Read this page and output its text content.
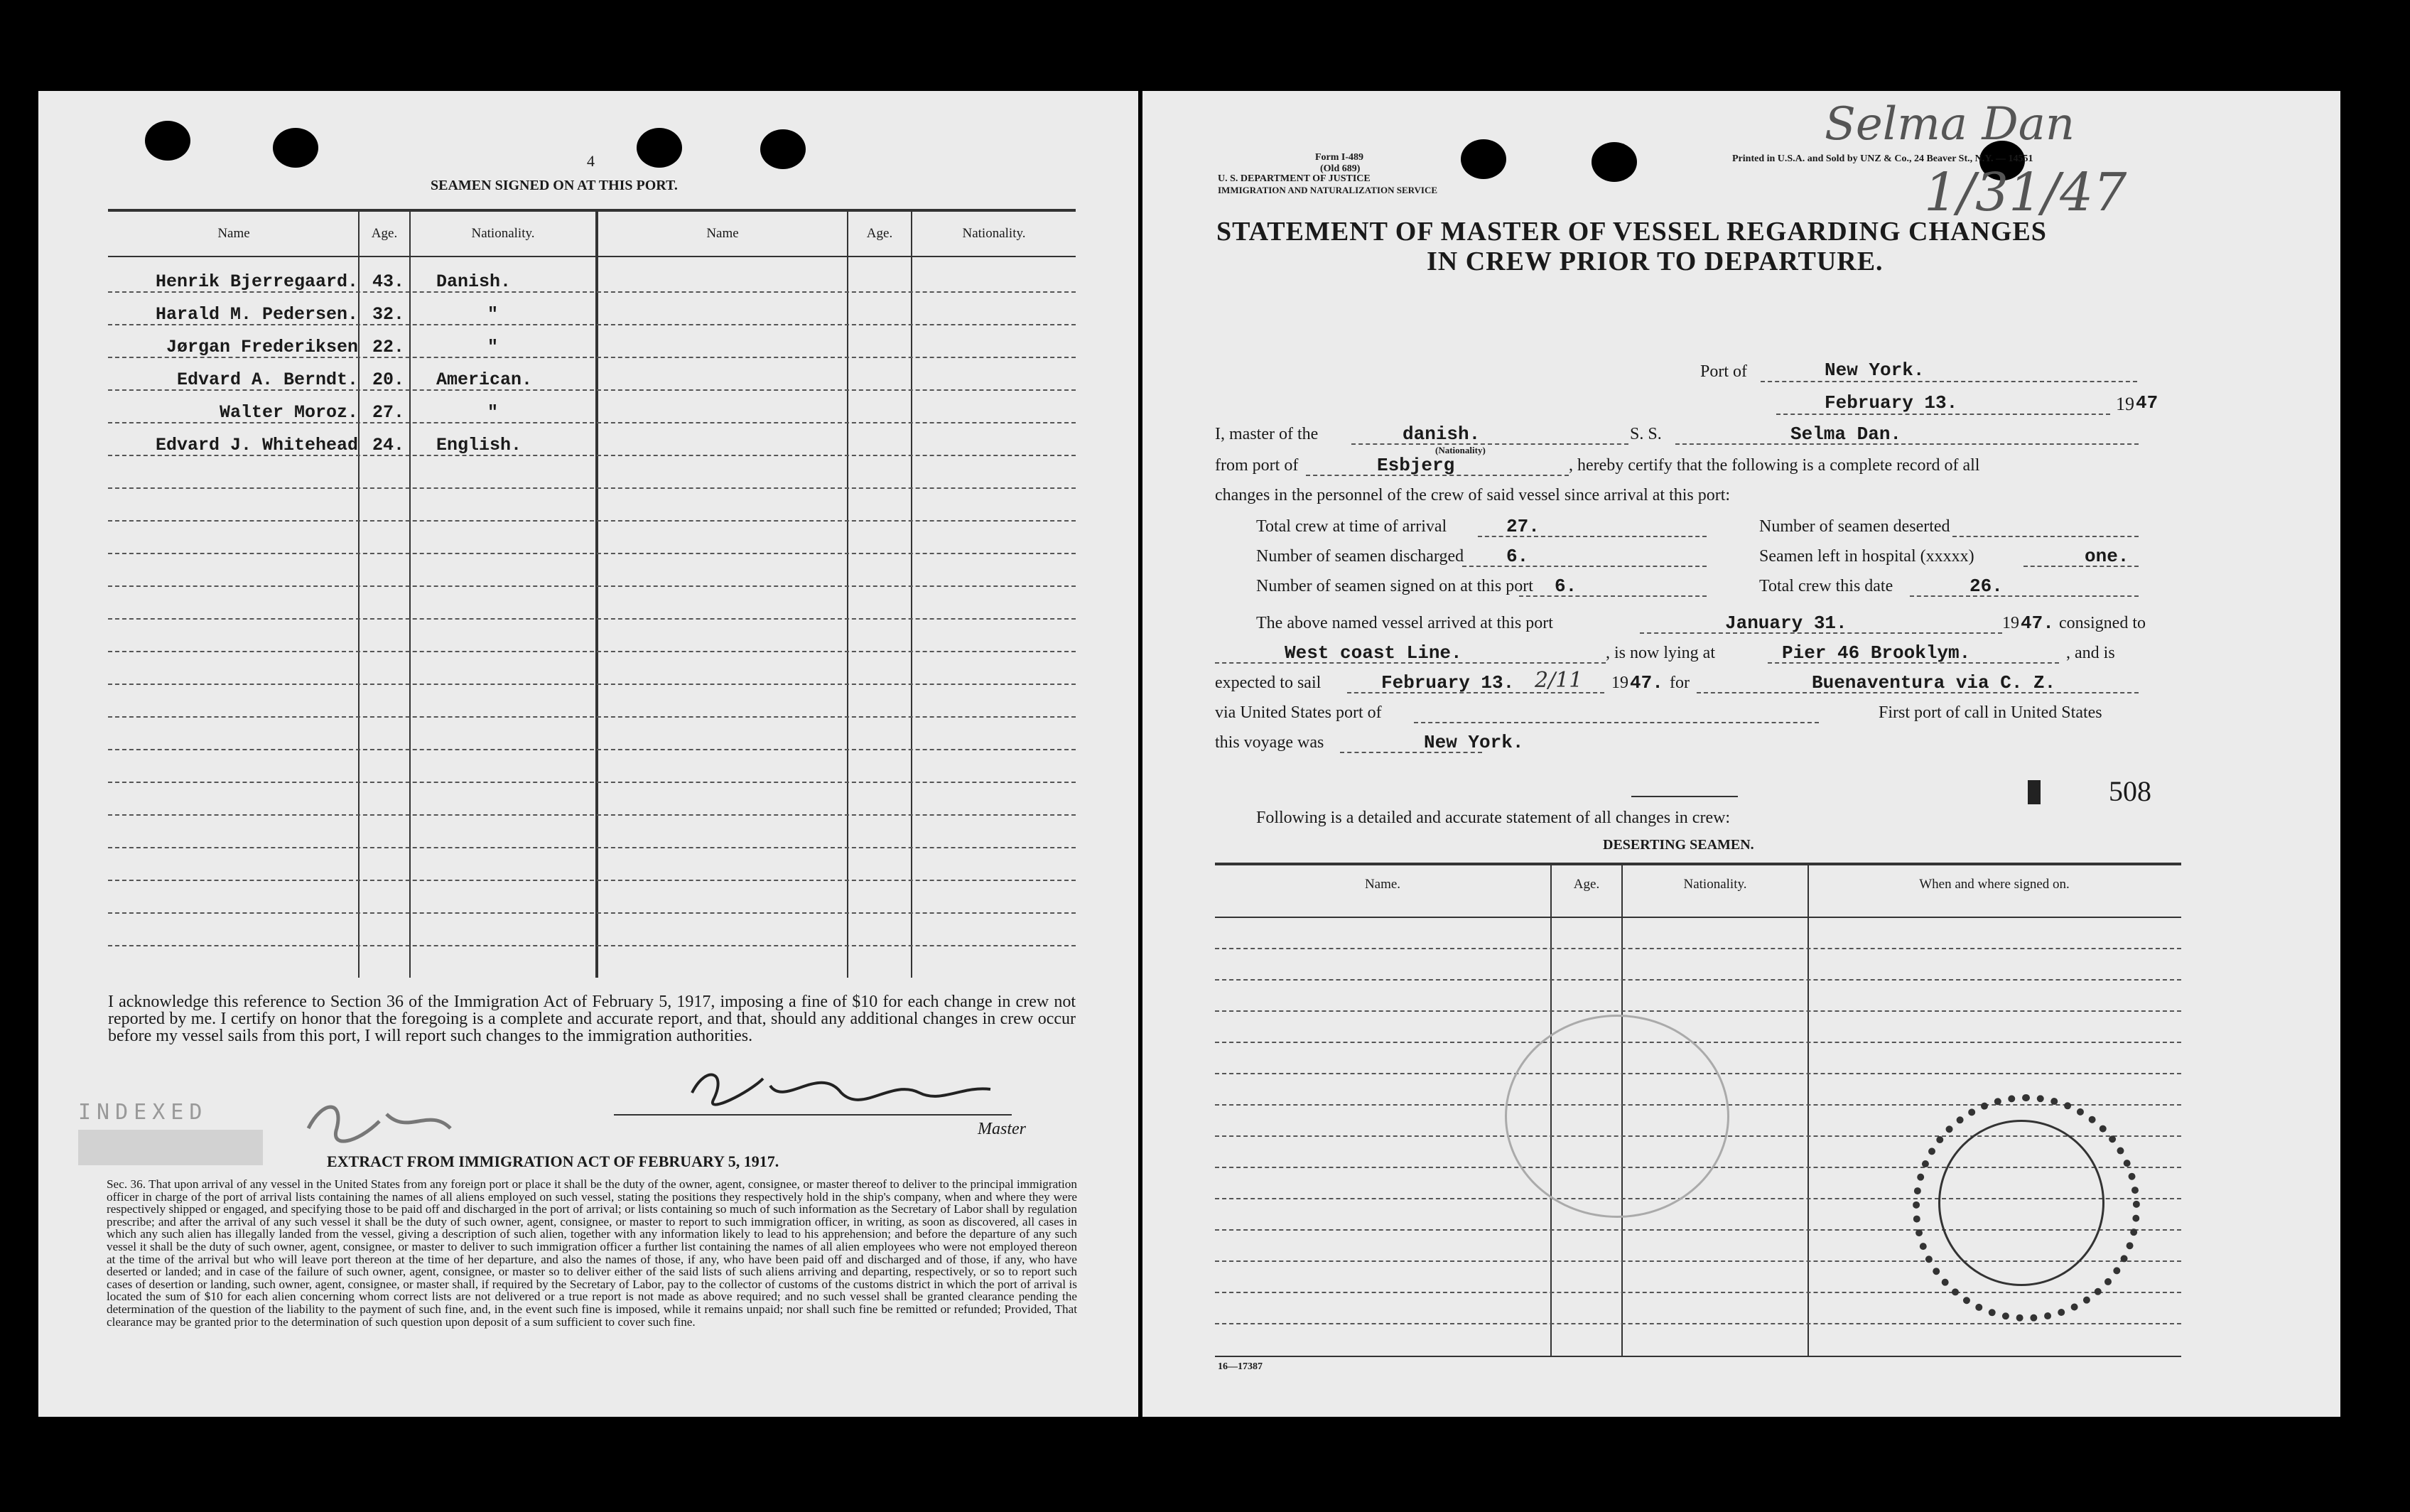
4
SEAMEN SIGNED ON AT THIS PORT.
Name	Age.	Nationality.	Name	Age.	Nationality.
Henrik Bjerregaard. 43. Danish.
Harald M. Pedersen. 32.	"
Jørgan Frederiksen 22.	"
Edvard A. Berndt. 20. American.
Walter Moroz. 27.	"
Edvard J. Whitehead 24. English.
I acknowledge this reference to Section 36 of the Immigration Act of February 5, 1917, imposing a fine of $10 for each change in crew not reported by me. I certify on honor that the foregoing is a complete and accurate report, and that, should any additional changes in crew occur before my vessel sails from this port, I will report such changes to the immigration authorities.
INDEXED
Master
EXTRACT FROM IMMIGRATION ACT OF FEBRUARY 5, 1917.
Sec. 36. That upon arrival of any vessel in the United States from any foreign port or place it shall be the duty of the owner, agent, consignee, or master thereof to deliver to the principal immigration officer in charge of the port of arrival lists containing the names of all aliens employed on such vessel, stating the positions they respectively hold in the ship's company, when and where they were respectively shipped or engaged, and specifying those to be paid off and discharged in the port of arrival; or lists containing so much of such information as the Secretary of Labor shall by regulation prescribe; and after the arrival of any such vessel it shall be the duty of such owner, agent, consignee, or master to report to such immigration officer, in writing, as soon as discovered, all cases in which any such alien has illegally landed from the vessel, giving a description of such alien, together with any information likely to lead to his apprehension; and before the departure of any such vessel it shall be the duty of such owner, agent, consignee, or master to deliver to such immigration officer a further list containing the names of all alien employees who were not employed thereon at the time of the arrival but who will leave port thereon at the time of her departure, and also the names of those, if any, who have been paid off and discharged and of those, if any, who have deserted or landed; and in case of the failure of such owner, agent, consignee, or master so to deliver either of the said lists of such aliens arriving and departing, respectively, or so to report such cases of desertion or landing, such owner, agent, consignee, or master shall, if required by the Secretary of Labor, pay to the collector of customs of the customs district in which the port of arrival is located the sum of $10 for each alien concerning whom correct lists are not delivered or a true report is not made as above required; and no such vessel shall be granted clearance pending the determination of the question of the liability to the payment of such fine, and, in the event such fine is imposed, while it remains unpaid; nor shall such fine be remitted or refunded; Provided, That clearance may be granted prior to the determination of such question upon deposit of a sum sufficient to cover such fine.
Form I-489
(Old 689)
U. S. DEPARTMENT OF JUSTICE
IMMIGRATION AND NATURALIZATION SERVICE
Printed in U.S.A. and Sold by UNZ & Co., 24 Beaver St., N.Y. — 14551
Selma Dan
1/31/47
STATEMENT OF MASTER OF VESSEL REGARDING CHANGES
IN CREW PRIOR TO DEPARTURE.
Port of	New York.
February 13.	19 47
I, master of the	danish.
(Nationality)
S. S.	Selma Dan.
from port of	Esbjerg	, hereby certify that the following is a complete record of all
changes in the personnel of the crew of said vessel since arrival at this port:
Total crew at time of arrival	27.	Number of seamen deserted
Number of seamen discharged 6.	Seamen left in hospital (xxxxx)	one.
Number of seamen signed on at this port 6.	Total crew this date	26.
The above named vessel arrived at this port	January 31.	19 47. consigned to
West coast Line.	, is now lying at	Pier 46 Brooklym.	, and is
expected to sail	February 13. 2/11 19 47. for	Buenaventura via C. Z.
via United States port of	First port of call in United States
this voyage was	New York.
508
Following is a detailed and accurate statement of all changes in crew:
DESERTING SEAMEN.
Name.	Age.	Nationality.	When and where signed on.
16—17387
